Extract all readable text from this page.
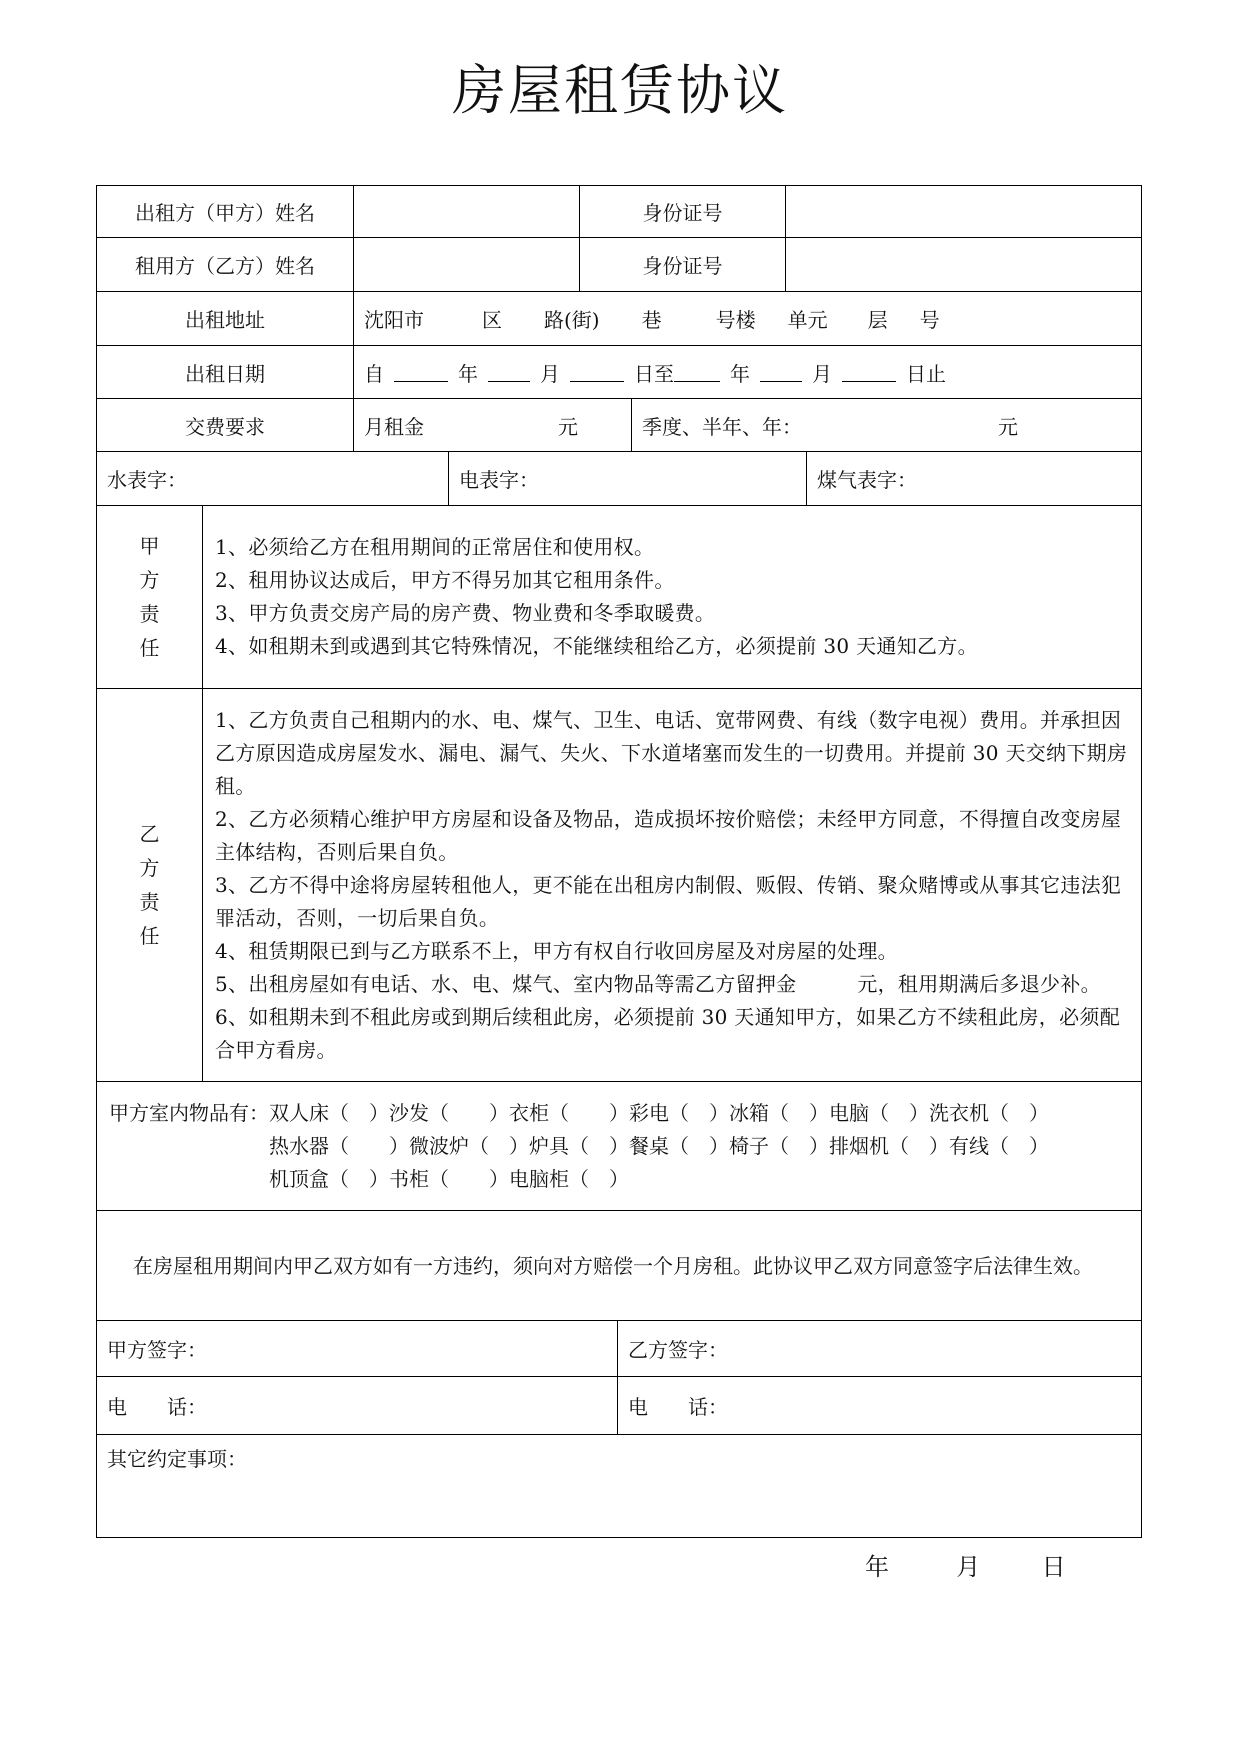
房屋租赁协议
出租方（甲方）姓名	身份证号
租用方（乙方）姓名	身份证号
出租地址	沈阳市	区 路(街) 巷	号楼 单元 层 号
出租日期	自	年	月	日至	年	月	日止
交费要求	月租金	元	季度、半年、年：	元
水表字：	电表字：	煤气表字：
甲
方
责
任

1、必须给乙方在租用期间的正常居住和使用权。

2、租用协议达成后，甲方不得另加其它租用条件。

3、甲方负责交房产局的房产费、物业费和冬季取暖费。

4、如租期未到或遇到其它特殊情况，不能继续租给乙方，必须提前 30 天通知乙方。

乙
方
责
任

1、乙方负责自己租期内的水、电、煤气、卫生、电话、宽带网费、有线（数字电视）费用。并承担因乙方原因造成房屋发水、漏电、漏气、失火、下水道堵塞而发生的一切费用。并提前 30 天交纳下期房租。

2、乙方必须精心维护甲方房屋和设备及物品，造成损坏按价赔偿；未经甲方同意，不得擅自改变房屋主体结构，否则后果自负。

3、乙方不得中途将房屋转租他人，更不能在出租房内制假、贩假、传销、聚众赌博或从事其它违法犯罪活动，否则，一切后果自负。

4、租赁期限已到与乙方联系不上，甲方有权自行收回房屋及对房屋的处理。

5、出租房屋如有电话、水、电、煤气、室内物品等需乙方留押金　　　元，租用期满后多退少补。

6、如租期未到不租此房或到期后续租此房，必须提前 30 天通知甲方，如果乙方不续租此房，必须配合甲方看房。

甲方室内物品有：双人床（　）沙发（　　）衣柜（　　）彩电（　）冰箱（　）电脑（　）洗衣机（　）
热水器（　　）微波炉（　）炉具（　）餐桌（　）椅子（　）排烟机（　）有线（　）
机顶盒（　）书柜（　　）电脑柜（　）

在房屋租用期间内甲乙双方如有一方违约，须向对方赔偿一个月房租。此协议甲乙双方同意签字后法律生效。

甲方签字：	乙方签字：
电　　话：	电　　话：
其它约定事项：
年	月	日
